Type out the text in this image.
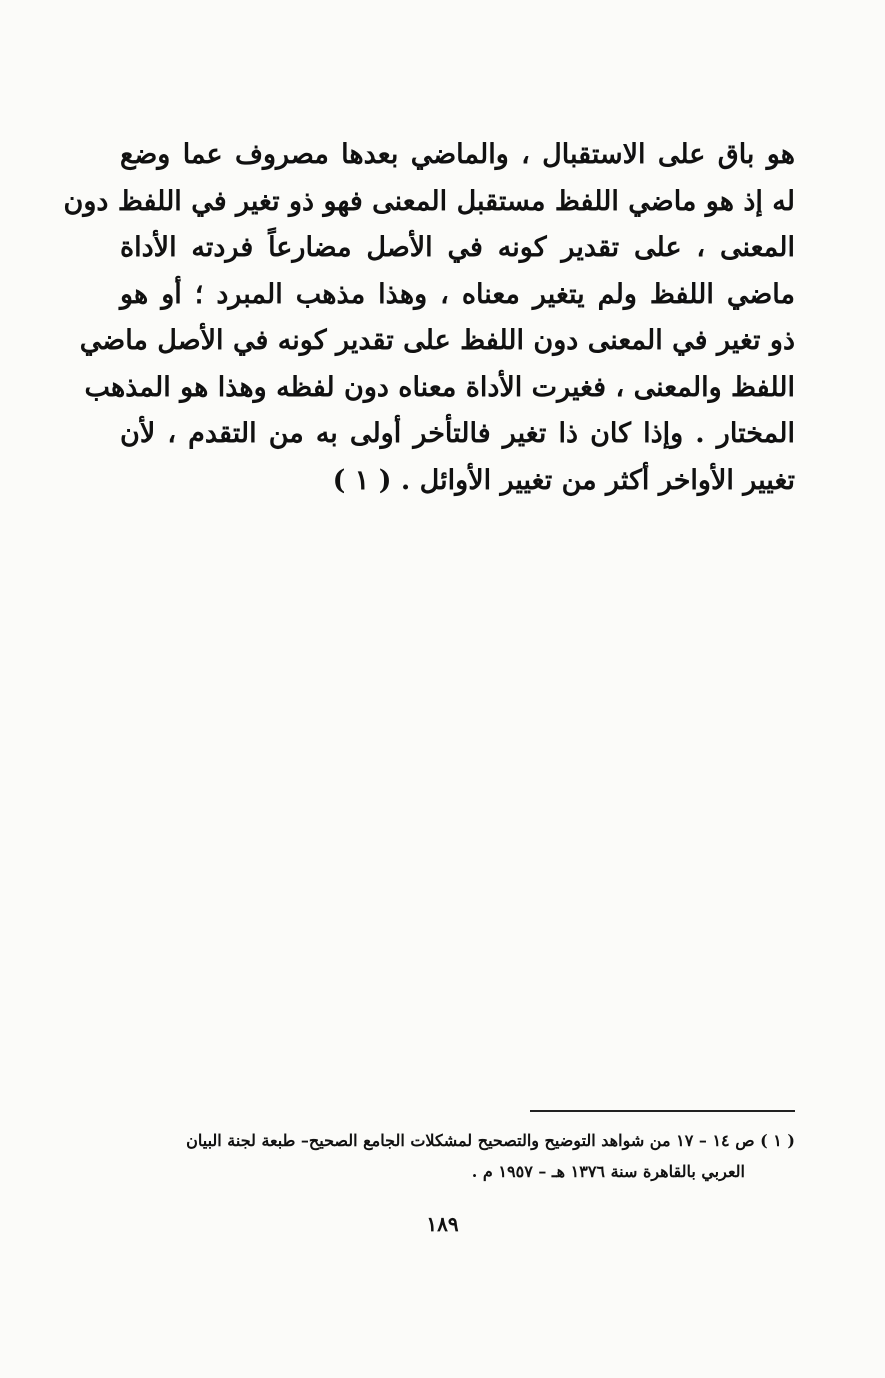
هو باق على الاستقبال ، والماضي بعدها مصروف عما وضع
له إذ هو ماضي اللفظ مستقبل المعنى فهو ذو تغير في اللفظ دون
المعنى ، على تقدير كونه في الأصل مضارعاً فردته الأداة
ماضي اللفظ ولم يتغير معناه ، وهذا مذهب المبرد ؛ أو هو
ذو تغير في المعنى دون اللفظ على تقدير كونه في الأصل ماضي
اللفظ والمعنى ، فغيرت الأداة معناه دون لفظه وهذا هو المذهب
المختار . وإذا كان ذا تغير فالتأخر أولى به من التقدم ، لأن
تغيير الأواخر أكثر من تغيير الأوائل . ( ١ )
( ١ ) ص ١٤ – ١٧ من شواهد التوضيح والتصحيح لمشكلات الجامع الصحيح– طبعة لجنة البيان
العربي بالقاهرة سنة ١٣٧٦ هـ – ١٩٥٧ م .
١٨٩
